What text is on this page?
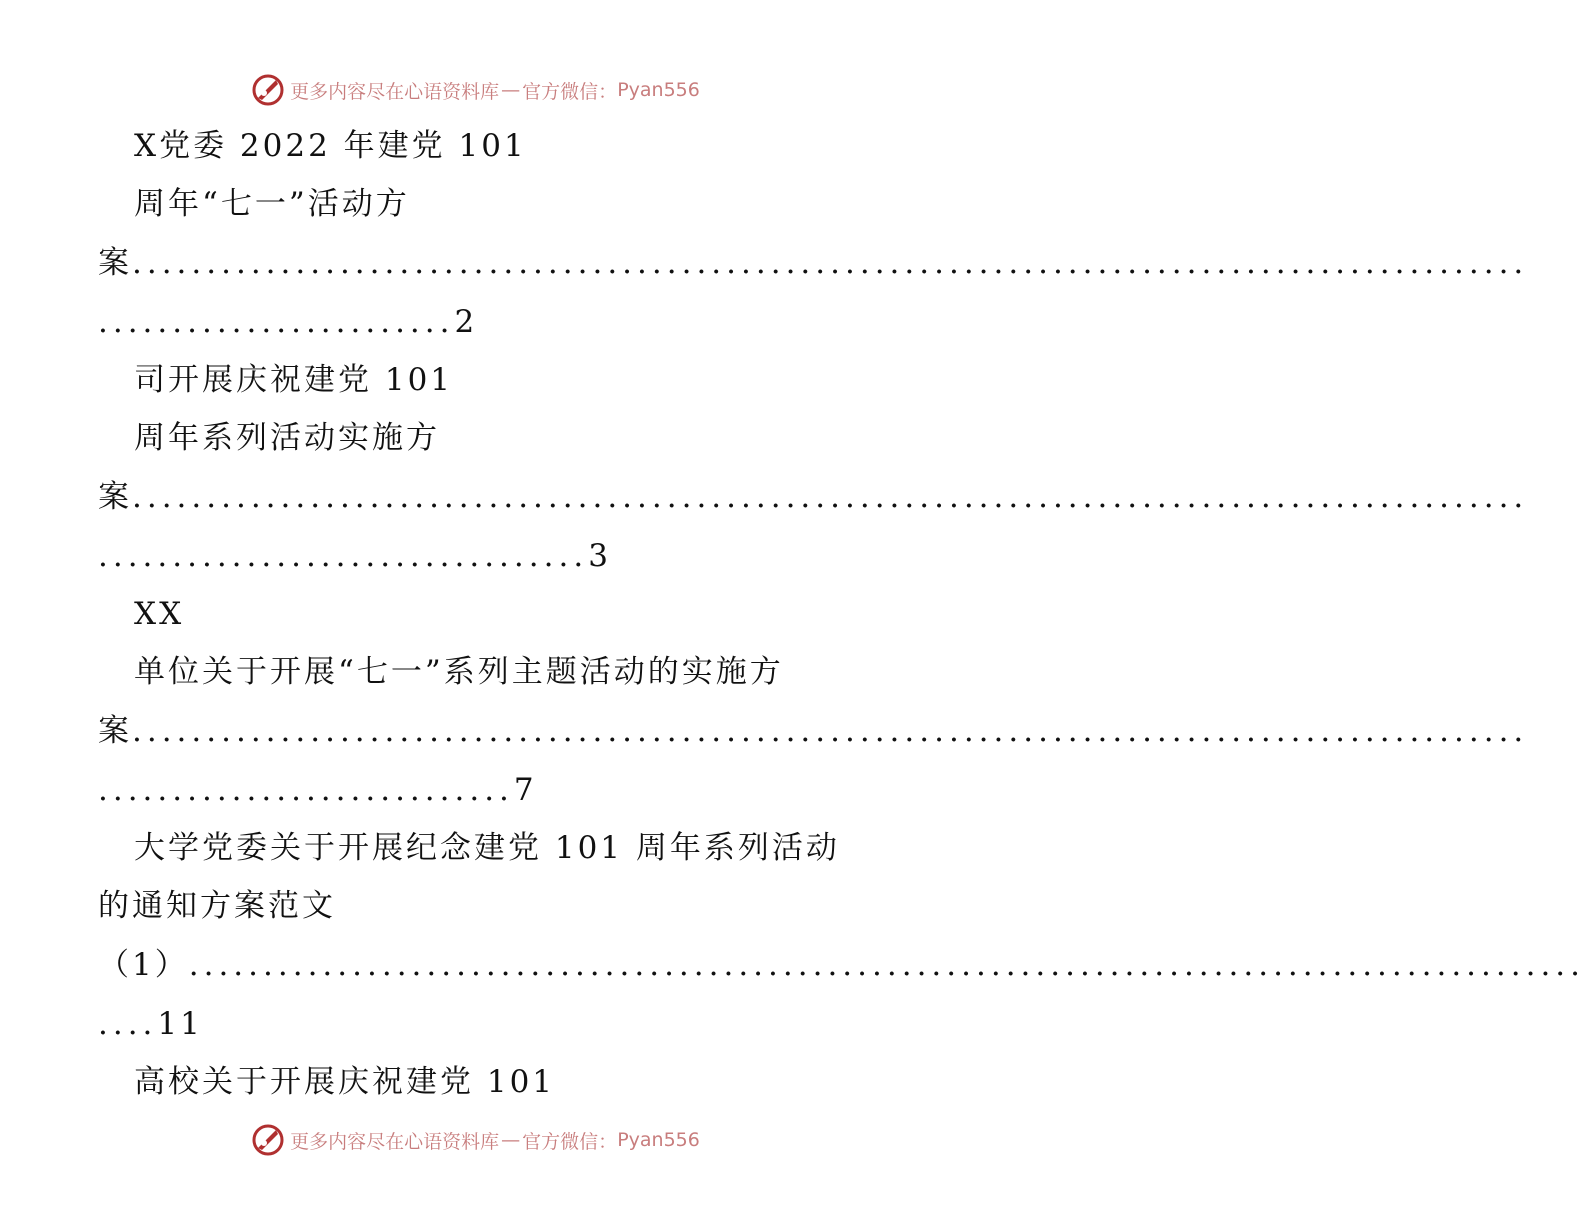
更多内容尽在心语资料库 — 官方微信： Pyan556
X党委 2022 年建党 101
周年“七一”活动方
案 ..............................................................................................
........................2
司开展庆祝建党 101
周年系列活动实施方
案 ..............................................................................................
.................................3
XX
单位关于开展“七一”系列主题活动的实施方
案 ..............................................................................................
............................7
大学党委关于开展纪念建党 101 周年系列活动
的通知方案范文
（1） ..............................................................................................
....11
高校关于开展庆祝建党 101
更多内容尽在心语资料库 — 官方微信： Pyan556
